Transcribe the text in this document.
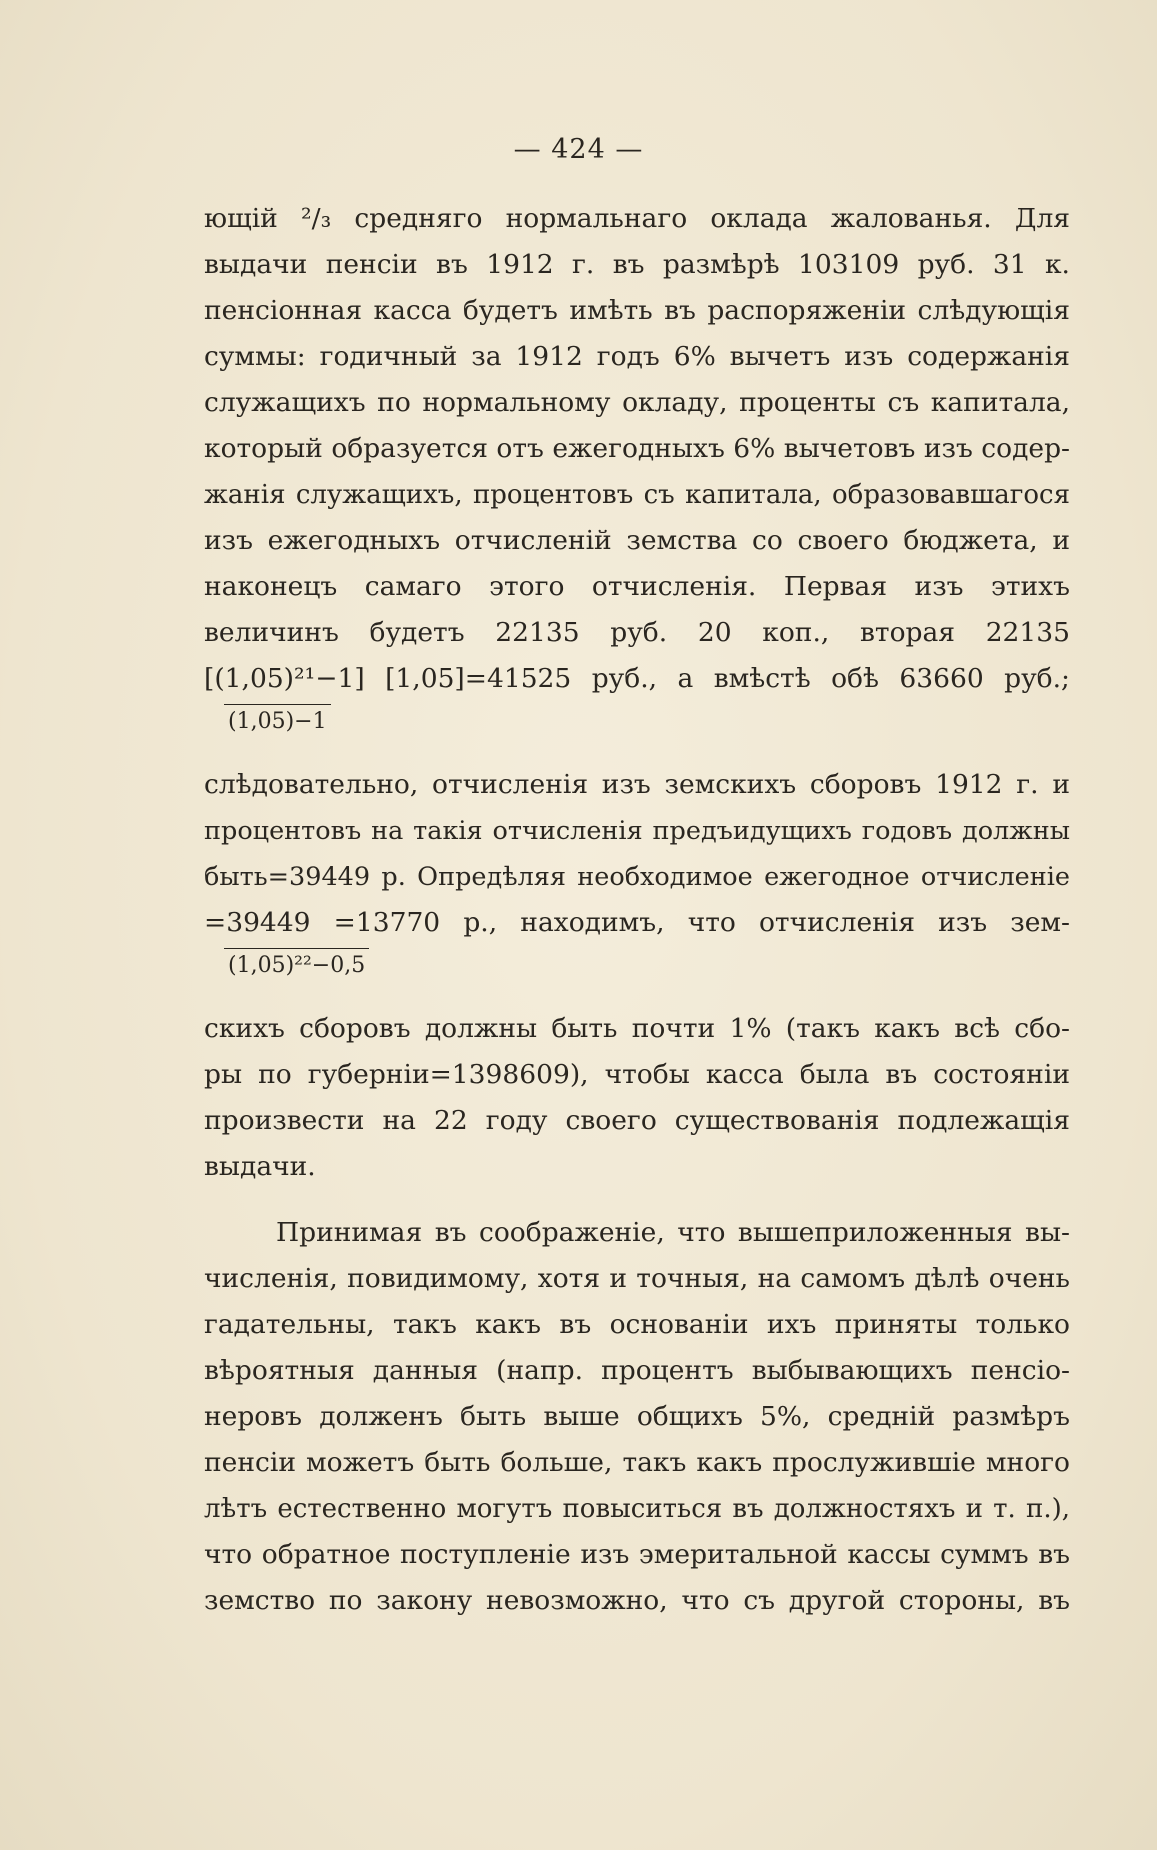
— 424 —
ющій ²/₃ средняго нормальнаго оклада жалованья. Для
выдачи пенсіи въ 1912 г. въ размѣрѣ 103109 руб. 31 к.
пенсіонная касса будетъ имѣть въ распоряженіи слѣдующія
суммы: годичный за 1912 годъ 6% вычетъ изъ содержанія
служащихъ по нормальному окладу, проценты съ капитала,
который образуется отъ ежегодныхъ 6% вычетовъ изъ содер-
жанія служащихъ, процентовъ съ капитала, образовавшагося
изъ ежегодныхъ отчисленій земства со своего бюджета, и
наконецъ самаго этого отчисленія. Первая изъ этихъ
величинъ будетъ 22135 руб. 20 коп., вторая 22135
[(1,05)²¹−1] [1,05]=41525 руб., а вмѣстѣ обѣ 63660 руб.;
(1,05)−1
слѣдовательно, отчисленія изъ земскихъ сборовъ 1912 г. и
процентовъ на такія отчисленія предъидущихъ годовъ должны
быть=39449 р. Опредѣляя необходимое ежегодное отчисленіе
=39449 =13770 р., находимъ, что отчисленія изъ зем-
(1,05)²²−0,5
скихъ сборовъ должны быть почти 1% (такъ какъ всѣ сбо-
ры по губерніи=1398609), чтобы касса была въ состояніи
произвести на 22 году своего существованія подлежащія
выдачи.
Принимая въ соображеніе, что вышеприложенныя вы-
численія, повидимому, хотя и точныя, на самомъ дѣлѣ очень
гадательны, такъ какъ въ основаніи ихъ приняты только
вѣроятныя данныя (напр. процентъ выбывающихъ пенсіо-
неровъ долженъ быть выше общихъ 5%, средній размѣръ
пенсіи можетъ быть больше, такъ какъ прослужившіе много
лѣтъ естественно могутъ повыситься въ должностяхъ и т. п.),
что обратное поступленіе изъ эмеритальной кассы суммъ въ
земство по закону невозможно, что съ другой стороны, въ
